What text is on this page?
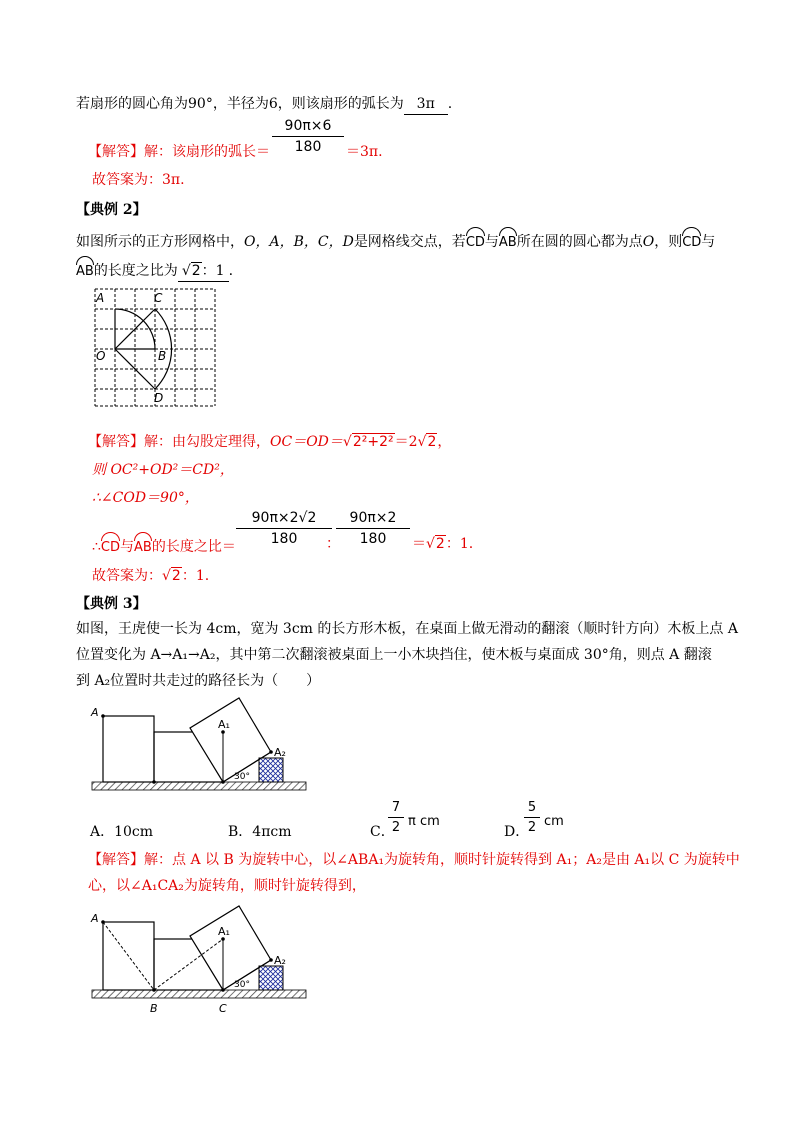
若扇形的圆心角为90°，半径为6，则该扇形的弧长为 3π .
【解答】解：该扇形的弧长＝ $\frac{90\pi\times 6}{180} =3\pi$.
故答案为：3π.
【典例 2】
如图所示的正方形网格中，O，A，B，C，D是网格线交点，若CD与AB所在圆的圆心都为点O，则CD与
AB的长度之比为 √2：1 .
A	C
O	B
D
【解答】解：由勾股定理得，OC＝OD＝√2²+2²＝2√2，
则 OC²+OD²＝CD²，
∴∠COD＝90°，
∴CD与AB的长度之比＝ $\frac{90\pi\times 2√2}{180}$
：
$\frac{90\pi\times 2}{180} =√2$：1.
故答案为：√2：1.
【典例 3】
如图，王虎使一长为 4cm，宽为 3cm 的长方形木板，在桌面上做无滑动的翻滚（顺时针方向）木板上点 A
位置变化为 A→A₁→A₂，其中第二次翻滚被桌面上一小木块挡住，使木板与桌面成 30°角，则点 A 翻滚
到 A₂位置时共走过的路径长为（　　）
A
A₁
A₂
30°
A．10cm	B．4πcm	C．
$\frac{7}{2}$ π cm
D．
$\frac{5}{2}$ cm
【解答】解：点 A 以 B 为旋转中心，以∠ABA₁为旋转角，顺时针旋转得到 A₁；A₂是由 A₁以 C 为旋转中
心，以∠A₁CA₂为旋转角，顺时针旋转得到，
A
A₁
A₂
30°
B	C
